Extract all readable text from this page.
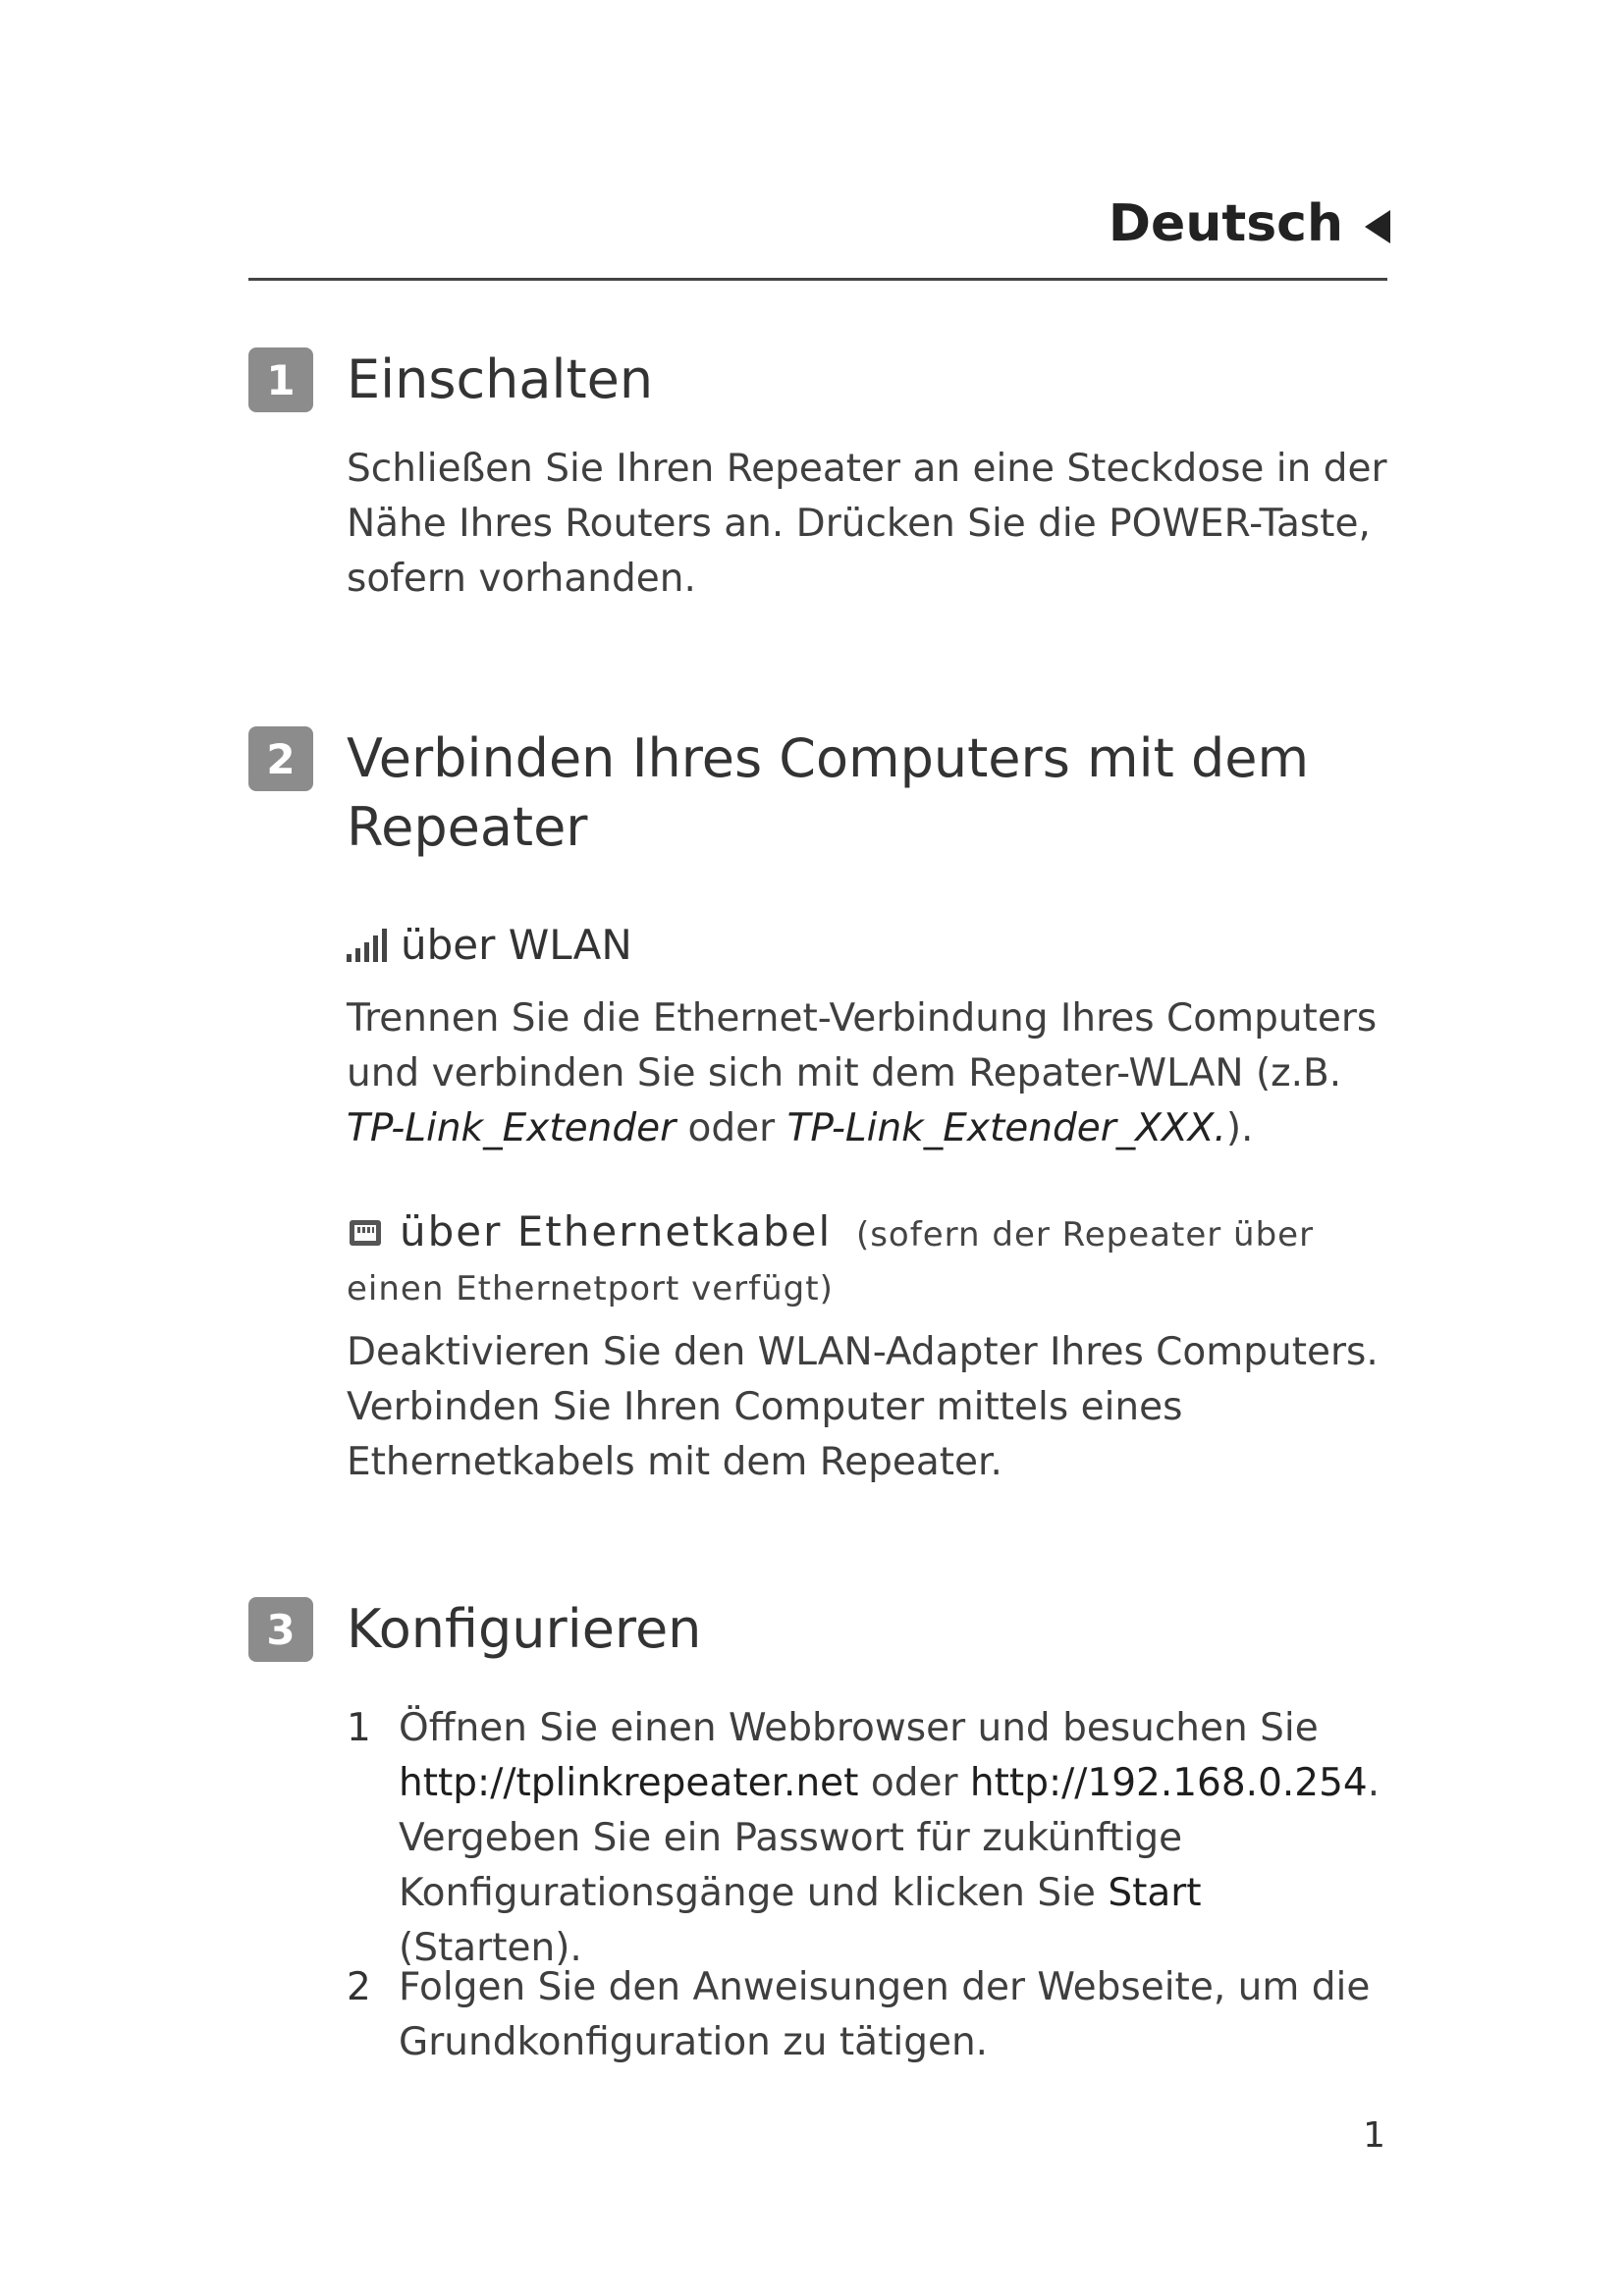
Deutsch
1 Einschalten
Schließen Sie Ihren Repeater an eine Steckdose in der Nähe Ihres Routers an. Drücken Sie die POWER-Taste, sofern vorhanden.
2 Verbinden Ihres Computers mit dem Repeater
über WLAN
Trennen Sie die Ethernet-Verbindung Ihres Computers und verbinden Sie sich mit dem Repater-WLAN (z.B. TP-Link_Extender oder TP-Link_Extender_XXX.).
über Ethernetkabel (sofern der Repeater über einen Ethernetport verfügt)
Deaktivieren Sie den WLAN-Adapter Ihres Computers. Verbinden Sie Ihren Computer mittels eines Ethernetkabels mit dem Repeater.
3 Konfigurieren
1 Öffnen Sie einen Webbrowser und besuchen Sie
http://tplinkrepeater.net oder http://192.168.0.254.
Vergeben Sie ein Passwort für zukünftige Konfigurationsgänge und klicken Sie Start (Starten).
2 Folgen Sie den Anweisungen der Webseite, um die Grundkonfiguration zu tätigen.
1
